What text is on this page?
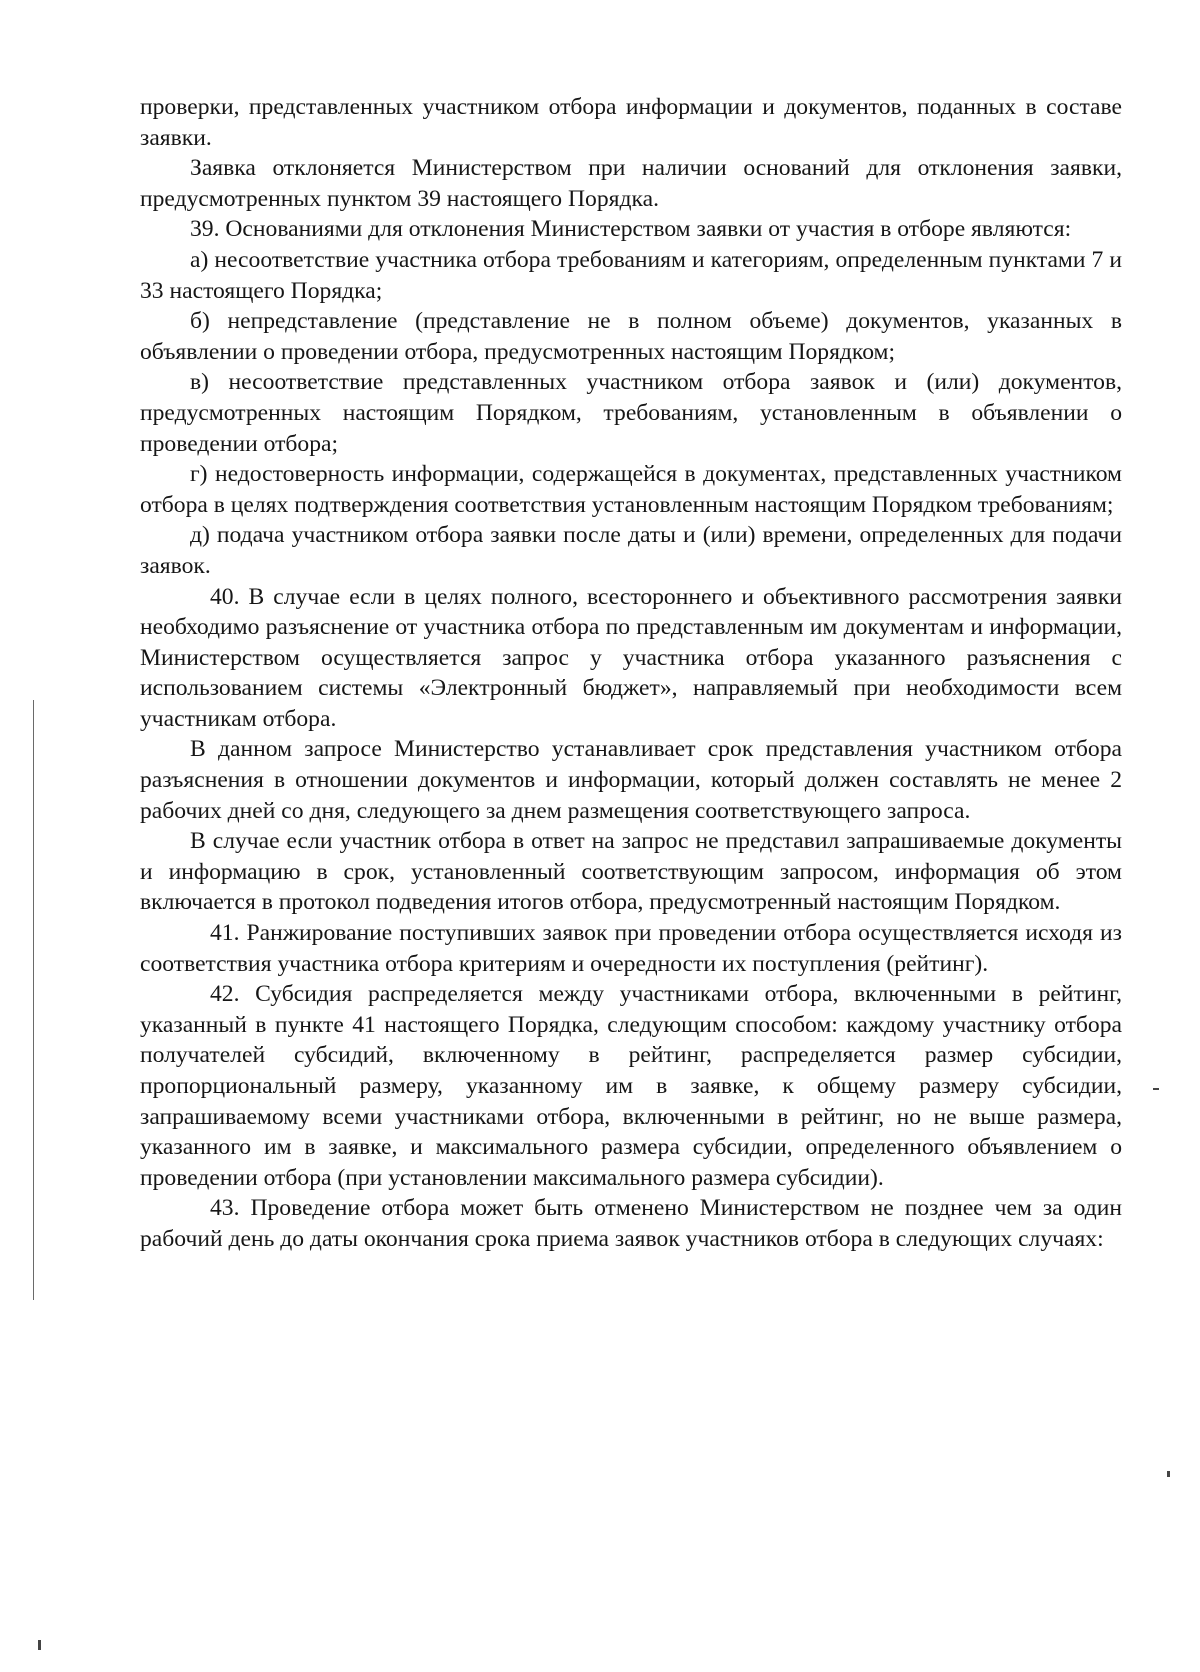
проверки, представленных участником отбора информации и документов, поданных в составе заявки.

Заявка отклоняется Министерством при наличии оснований для отклонения заявки, предусмотренных пунктом 39 настоящего Порядка.

39. Основаниями для отклонения Министерством заявки от участия в отборе являются:

а) несоответствие участника отбора требованиям и категориям, определенным пунктами 7 и 33 настоящего Порядка;

б) непредставление (представление не в полном объеме) документов, указанных в объявлении о проведении отбора, предусмотренных настоящим Порядком;

в) несоответствие представленных участником отбора заявок и (или) документов, предусмотренных настоящим Порядком, требованиям, установленным в объявлении о проведении отбора;

г) недостоверность информации, содержащейся в документах, представленных участником отбора в целях подтверждения соответствия установленным настоящим Порядком требованиям;

д) подача участником отбора заявки после даты и (или) времени, определенных для подачи заявок.

40. В случае если в целях полного, всестороннего и объективного рассмотрения заявки необходимо разъяснение от участника отбора по представленным им документам и информации, Министерством осуществляется запрос у участника отбора указанного разъяснения с использованием системы «Электронный бюджет», направляемый при необходимости всем участникам отбора.

В данном запросе Министерство устанавливает срок представления участником отбора разъяснения в отношении документов и информации, который должен составлять не менее 2 рабочих дней со дня, следующего за днем размещения соответствующего запроса.

В случае если участник отбора в ответ на запрос не представил запрашиваемые документы и информацию в срок, установленный соответствующим запросом, информация об этом включается в протокол подведения итогов отбора, предусмотренный настоящим Порядком.

41. Ранжирование поступивших заявок при проведении отбора осуществляется исходя из соответствия участника отбора критериям и очередности их поступления (рейтинг).

42. Субсидия распределяется между участниками отбора, включенными в рейтинг, указанный в пункте 41 настоящего Порядка, следующим способом: каждому участнику отбора получателей субсидий, включенному в рейтинг, распределяется размер субсидии, пропорциональный размеру, указанному им в заявке, к общему размеру субсидии, запрашиваемому всеми участниками отбора, включенными в рейтинг, но не выше размера, указанного им в заявке, и максимального размера субсидии, определенного объявлением о проведении отбора (при установлении максимального размера субсидии).

43. Проведение отбора может быть отменено Министерством не позднее чем за один рабочий день до даты окончания срока приема заявок участников отбора в следующих случаях:
